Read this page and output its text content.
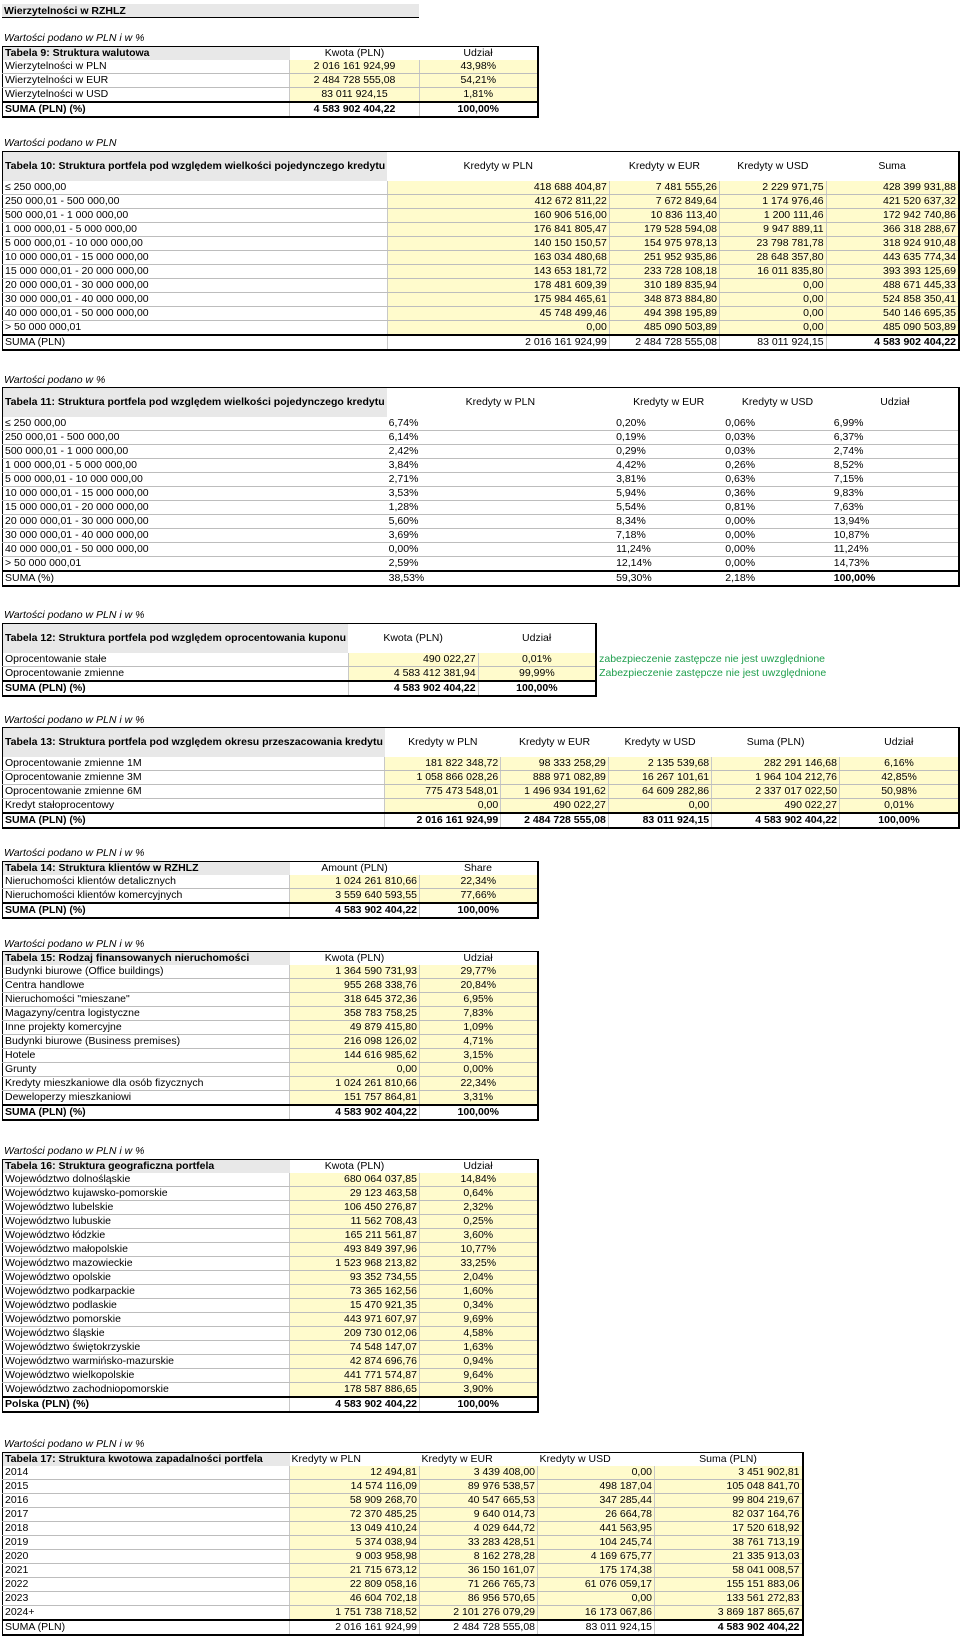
Wierzytelności w RZHLZ
Wartości podano w PLN i w %
Tabela 9: Struktura walutowa	Kwota (PLN)	Udział
Wierzytelności w PLN	2 016 161 924,99	43,98%
Wierzytelności w EUR	2 484 728 555,08	54,21%
Wierzytelności w USD	83 011 924,15	1,81%
SUMA (PLN) (%)	4 583 902 404,22	100,00%
Wartości podano w PLN
Tabela 10: Struktura portfela pod względem wielkości pojedynczego kredytu	Kredyty w PLN	Kredyty w EUR	Kredyty w USD	Suma
≤ 250 000,00	418 688 404,87	7 481 555,26	2 229 971,75	428 399 931,88
250 000,01 - 500 000,00	412 672 811,22	7 672 849,64	1 174 976,46	421 520 637,32
500 000,01 - 1 000 000,00	160 906 516,00	10 836 113,40	1 200 111,46	172 942 740,86
1 000 000,01 - 5 000 000,00	176 841 805,47	179 528 594,08	9 947 889,11	366 318 288,67
5 000 000,01 - 10 000 000,00	140 150 150,57	154 975 978,13	23 798 781,78	318 924 910,48
10 000 000,01 - 15 000 000,00	163 034 480,68	251 952 935,86	28 648 357,80	443 635 774,34
15 000 000,01 - 20 000 000,00	143 653 181,72	233 728 108,18	16 011 835,80	393 393 125,69
20 000 000,01 - 30 000 000,00	178 481 609,39	310 189 835,94	0,00	488 671 445,33
30 000 000,01 - 40 000 000,00	175 984 465,61	348 873 884,80	0,00	524 858 350,41
40 000 000,01 - 50 000 000,00	45 748 499,46	494 398 195,89	0,00	540 146 695,35
> 50 000 000,01	0,00	485 090 503,89	0,00	485 090 503,89
SUMA (PLN)	2 016 161 924,99	2 484 728 555,08	83 011 924,15	4 583 902 404,22
Wartości podano w %
Tabela 11: Struktura portfela pod względem wielkości pojedynczego kredytu	Kredyty w PLN	Kredyty w EUR	Kredyty w USD	Udział
≤ 250 000,00	6,74%	0,20%	0,06%	6,99%
250 000,01 - 500 000,00	6,14%	0,19%	0,03%	6,37%
500 000,01 - 1 000 000,00	2,42%	0,29%	0,03%	2,74%
1 000 000,01 - 5 000 000,00	3,84%	4,42%	0,26%	8,52%
5 000 000,01 - 10 000 000,00	2,71%	3,81%	0,63%	7,15%
10 000 000,01 - 15 000 000,00	3,53%	5,94%	0,36%	9,83%
15 000 000,01 - 20 000 000,00	1,28%	5,54%	0,81%	7,63%
20 000 000,01 - 30 000 000,00	5,60%	8,34%	0,00%	13,94%
30 000 000,01 - 40 000 000,00	3,69%	7,18%	0,00%	10,87%
40 000 000,01 - 50 000 000,00	0,00%	11,24%	0,00%	11,24%
> 50 000 000,01	2,59%	12,14%	0,00%	14,73%
SUMA (%)	38,53%	59,30%	2,18%	100,00%
Wartości podano w PLN i w %
Tabela 12: Struktura portfela pod względem oprocentowania kuponu	Kwota (PLN)	Udział	
Oprocentowanie stałe	490 022,27	0,01%	zabezpieczenie zastępcze nie jest uwzględnione
Oprocentowanie zmienne	4 583 412 381,94	99,99%	Zabezpieczenie zastępcze nie jest uwzględnione
SUMA (PLN) (%)	4 583 902 404,22	100,00%	
Wartości podano w PLN i w %
Tabela 13: Struktura portfela pod względem okresu przeszacowania kredytu	Kredyty w PLN	Kredyty w EUR	Kredyty w USD	Suma (PLN)	Udział
Oprocentowanie zmienne 1M	181 822 348,72	98 333 258,29	2 135 539,68	282 291 146,68	6,16%
Oprocentowanie zmienne 3M	1 058 866 028,26	888 971 082,89	16 267 101,61	1 964 104 212,76	42,85%
Oprocentowanie zmienne 6M	775 473 548,01	1 496 934 191,62	64 609 282,86	2 337 017 022,50	50,98%
Kredyt stałoprocentowy	0,00	490 022,27	0,00	490 022,27	0,01%
SUMA (PLN) (%)	2 016 161 924,99	2 484 728 555,08	83 011 924,15	4 583 902 404,22	100,00%
Wartości podano w PLN i w %
Tabela 14: Struktura klientów w RZHLZ	Amount (PLN)	Share
Nieruchomości klientów detalicznych	1 024 261 810,66	22,34%
Nieruchomości klientów komercyjnych	3 559 640 593,55	77,66%
SUMA (PLN) (%)	4 583 902 404,22	100,00%
Wartości podano w PLN i w %
Tabela 15: Rodzaj finansowanych nieruchomości	Kwota (PLN)	Udział
Budynki biurowe (Office buildings)	1 364 590 731,93	29,77%
Centra handlowe	955 268 338,76	20,84%
Nieruchomości "mieszane"	318 645 372,36	6,95%
Magazyny/centra logistyczne	358 783 758,25	7,83%
Inne projekty komercyjne	49 879 415,80	1,09%
Budynki biurowe (Business premises)	216 098 126,02	4,71%
Hotele	144 616 985,62	3,15%
Grunty	0,00	0,00%
Kredyty mieszkaniowe dla osób fizycznych	1 024 261 810,66	22,34%
Deweloperzy mieszkaniowi	151 757 864,81	3,31%
SUMA (PLN) (%)	4 583 902 404,22	100,00%
Wartości podano w PLN i w %
Tabela 16: Struktura geograficzna portfela	Kwota (PLN)	Udział
Województwo dolnośląskie	680 064 037,85	14,84%
Województwo kujawsko-pomorskie	29 123 463,58	0,64%
Województwo lubelskie	106 450 276,87	2,32%
Województwo lubuskie	11 562 708,43	0,25%
Województwo łódzkie	165 211 561,87	3,60%
Województwo małopolskie	493 849 397,96	10,77%
Województwo mazowieckie	1 523 968 213,82	33,25%
Województwo opolskie	93 352 734,55	2,04%
Województwo podkarpackie	73 365 162,56	1,60%
Województwo podlaskie	15 470 921,35	0,34%
Województwo pomorskie	443 971 607,97	9,69%
Województwo śląskie	209 730 012,06	4,58%
Województwo świętokrzyskie	74 548 147,07	1,63%
Województwo warmińsko-mazurskie	42 874 696,76	0,94%
Województwo wielkopolskie	441 771 574,87	9,64%
Województwo zachodniopomorskie	178 587 886,65	3,90%
Polska (PLN) (%)	4 583 902 404,22	100,00%
Wartości podano w PLN i w %
Tabela 17: Struktura kwotowa zapadalności portfela	Kredyty w PLN	Kredyty w EUR	Kredyty w USD	Suma (PLN)
2014	12 494,81	3 439 408,00	0,00	3 451 902,81
2015	14 574 116,09	89 976 538,57	498 187,04	105 048 841,70
2016	58 909 268,70	40 547 665,53	347 285,44	99 804 219,67
2017	72 370 485,25	9 640 014,73	26 664,78	82 037 164,76
2018	13 049 410,24	4 029 644,72	441 563,95	17 520 618,92
2019	5 374 038,94	33 283 428,51	104 245,74	38 761 713,19
2020	9 003 958,98	8 162 278,28	4 169 675,77	21 335 913,03
2021	21 715 673,12	36 150 161,07	175 174,38	58 041 008,57
2022	22 809 058,16	71 266 765,73	61 076 059,17	155 151 883,06
2023	46 604 702,18	86 956 570,65	0,00	133 561 272,83
2024+	1 751 738 718,52	2 101 276 079,29	16 173 067,86	3 869 187 865,67
SUMA (PLN)	2 016 161 924,99	2 484 728 555,08	83 011 924,15	4 583 902 404,22
